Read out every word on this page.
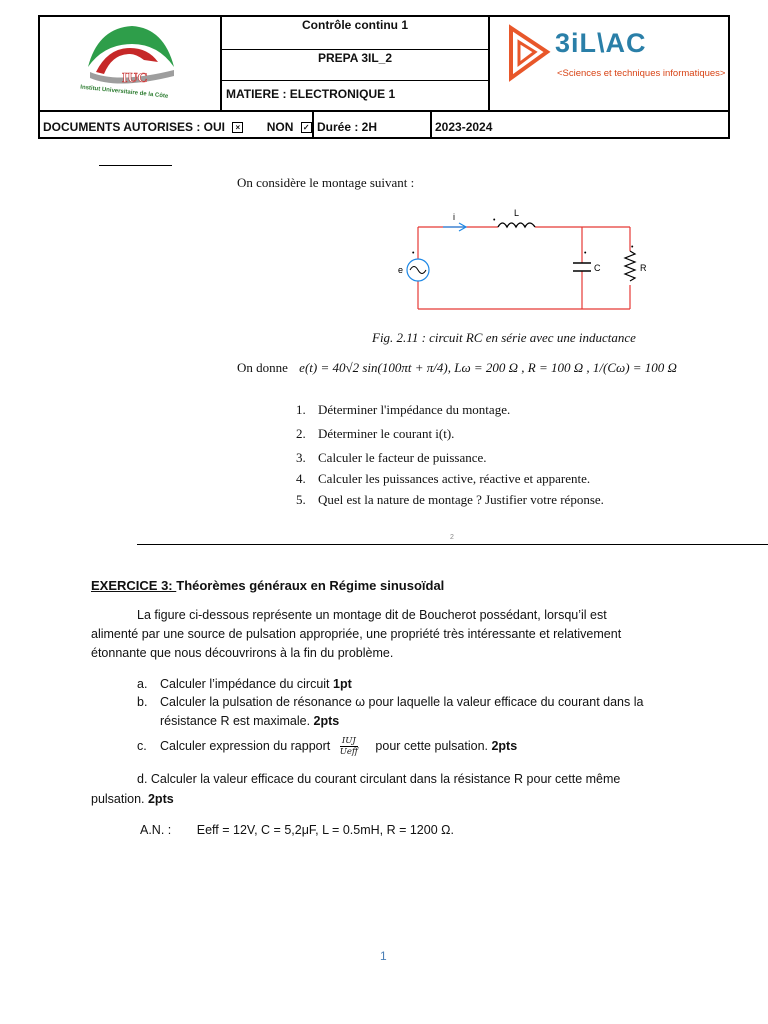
Contrôle continu 1
PREPA 3IL_2
MATIERE : ELECTRONIQUE 1
DOCUMENTS AUTORISES : OUI × NON ✓ Durée : 2H	2023-2024
IUC
Institut Universitaire de la Côte
3iL\AC
<Sciences et techniques informatiques>
On considère le montage suivant :
i	L
•
e
•
C
•
R
•
Fig. 2.11 : circuit RC en série avec une inductance
On donne e(t) = 40√2 sin(100πt + π/4), Lω = 200 Ω , R = 100 Ω , 1/(Cω) = 100 Ω
1. Déterminer l'impédance du montage.
2. Déterminer le courant i(t).
3. Calculer le facteur de puissance.
4. Calculer les puissances active, réactive et apparente.
5. Quel est la nature de montage ? Justifier votre réponse.
2
EXERCICE 3: Théorèmes généraux en Régime sinusoïdal
La figure ci-dessous représente un montage dit de Boucherot possédant, lorsqu’il est
alimenté par une source de pulsation appropriée, une propriété très intéressante et relativement
étonnante que nous découvrirons à la fin du problème.
a. Calculer l’impédance du circuit 1pt
b. Calculer la pulsation de résonance ω pour laquelle la valeur efficace du courant dans la
résistance R est maximale. 2pts
c. Calculer expression du rapport 𝐼𝑈𝐽
Ueff pour cette pulsation. 2pts
d. Calculer la valeur efficace du courant circulant dans la résistance R pour cette même
pulsation. 2pts
A.N. : Eeff = 12V, C = 5,2μF, L = 0.5mH, R = 1200 Ω.
1
